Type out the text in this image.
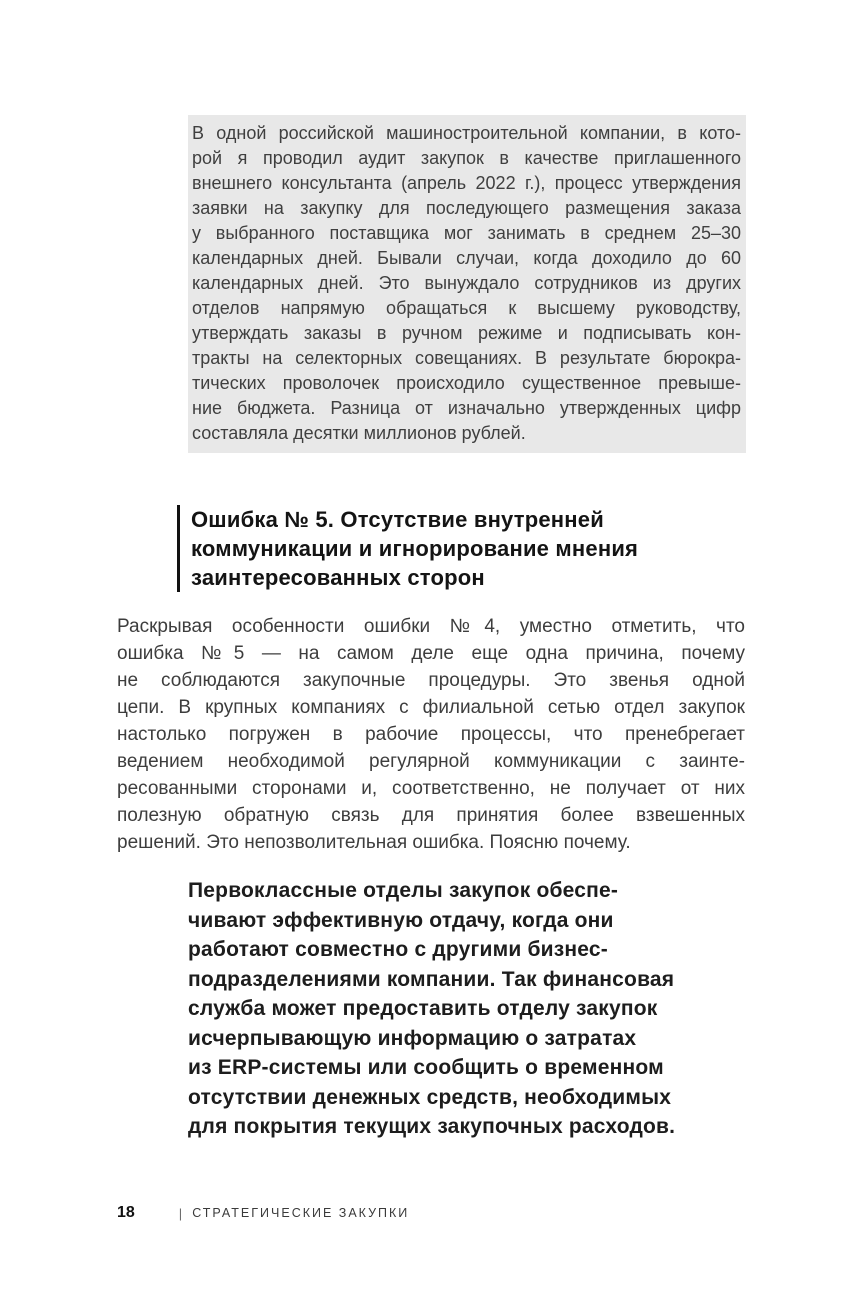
В одной российской машиностроительной компании, в кото-
рой я проводил аудит закупок в качестве приглашенного
внешнего консультанта (апрель 2022 г.), процесс утверждения
заявки на закупку для последующего размещения заказа
у выбранного поставщика мог занимать в среднем 25–30
календарных дней. Бывали случаи, когда доходило до 60
календарных дней. Это вынуждало сотрудников из других
отделов напрямую обращаться к высшему руководству,
утверждать заказы в ручном режиме и подписывать кон-
тракты на селекторных совещаниях. В результате бюрокра-
тических проволочек происходило существенное превыше-
ние бюджета. Разница от изначально утвержденных цифр
составляла десятки миллионов рублей.
Ошибка № 5. Отсутствие внутренней
коммуникации и игнорирование мнения
заинтересованных сторон
Раскрывая особенности ошибки №4, уместно отметить, что
ошибка №5 — на самом деле еще одна причина, почему
не соблюдаются закупочные процедуры. Это звенья одной
цепи. В крупных компаниях с филиальной сетью отдел закупок
настолько погружен в рабочие процессы, что пренебрегает
ведением необходимой регулярной коммуникации с заинте-
ресованными сторонами и, соответственно, не получает от них
полезную обратную связь для принятия более взвешенных
решений. Это непозволительная ошибка. Поясню почему.
Первоклассные отделы закупок обеспе-
чивают эффективную отдачу, когда они
работают совместно с другими бизнес-
подразделениями компании. Так финансовая
служба может предоставить отделу закупок
исчерпывающую информацию о затратах
из ERP-системы или сообщить о временном
отсутствии денежных средств, необходимых
для покрытия текущих закупочных расходов.
18	| СТРАТЕГИЧЕСКИЕ ЗАКУПКИ
